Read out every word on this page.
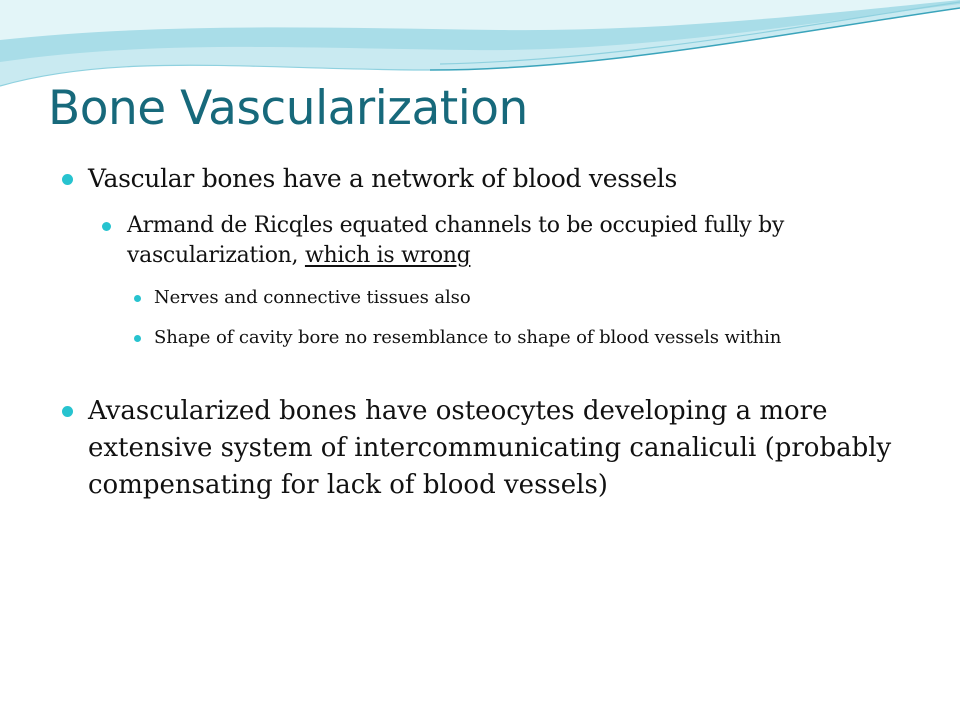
Bone Vascularization
Vascular bones have a network of blood vessels
Armand de Ricqles equated channels to be occupied fully by vascularization, which is wrong
Nerves and connective tissues also
Shape of cavity bore no resemblance to shape of blood vessels within
Avascularized bones have osteocytes developing a more extensive system of intercommunicating canaliculi (probably compensating for lack of blood vessels)
